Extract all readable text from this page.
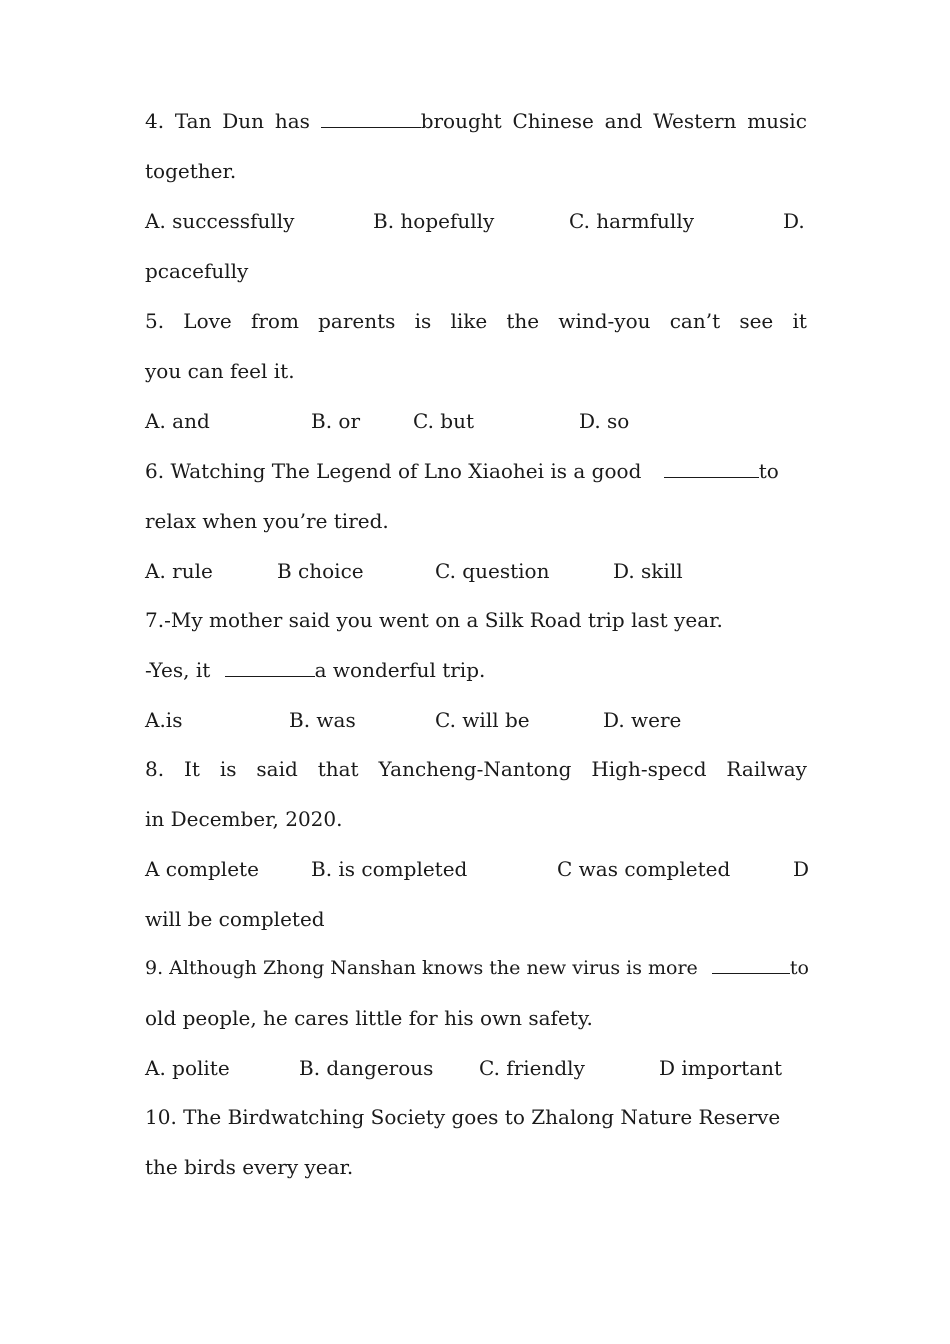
4. Tan Dun has	brought Chinese and Western music
together.
A. successfully	B. hopefully	C. harmfully	D.
pcacefully
5. Love from parents is like the wind-you can’t see it
you can feel it.
A. and	B. or	C. but	D. so
6. Watching The Legend of Lno Xiaohei is a good	to
relax when you’re tired.
A. rule	B choice	C. question	D. skill
7.-My mother said you went on a Silk Road trip last year.
-Yes, it	a wonderful trip.
A.is	B. was	C. will be	D. were
8. It is said that Yancheng-Nantong High-specd Railway
in December, 2020.
A complete	B. is completed	C was completed	D
will be completed
9. Although Zhong Nanshan knows the new virus is more	to
old people, he cares little for his own safety.
A. polite	B. dangerous C. friendly	D important
10. The Birdwatching Society goes to Zhalong Nature Reserve
the birds every year.
